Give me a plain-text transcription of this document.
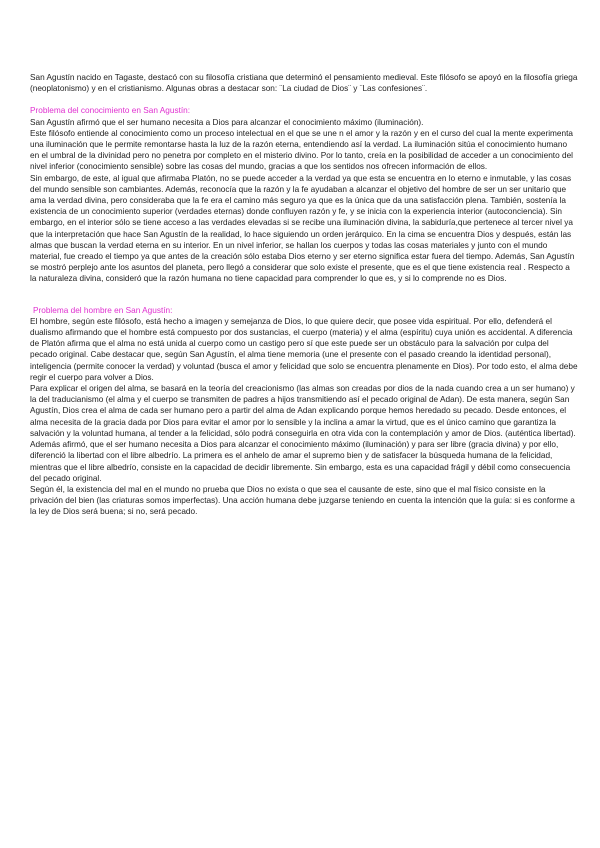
San Agustín nacido en Tagaste, destacó con su filosofía cristiana que determinó el pensamiento medieval. Este filósofo se apoyó en la filosofía griega (neoplatonismo) y en el cristianismo. Algunas obras a destacar son: ¨La ciudad de Dios¨ y ¨Las confesiones¨.

Problema del conocimiento en San Agustín:

San Agustín afirmó que el ser humano necesita a Dios para alcanzar el conocimiento máximo (iluminación).

Este filósofo entiende al conocimiento como un proceso intelectual en el que se une n el amor y la razón y en el curso del cual la mente experimenta una iluminación que le permite remontarse hasta la luz de la razón eterna, entendiendo así la verdad. La iluminación sitúa el conocimiento humano en el umbral de la divinidad pero no penetra por completo en el misterio divino. Por lo tanto, creía en la posibilidad de acceder a un conocimiento del nivel inferior (conocimiento sensible) sobre las cosas del mundo, gracias a que los sentidos nos ofrecen información de ellos.

Sin embargo, de este, al igual que afirmaba Platón, no se puede acceder a la verdad ya que esta se encuentra en lo eterno e inmutable, y las cosas del mundo sensible son cambiantes. Además, reconocía que la razón y la fe ayudaban a alcanzar el objetivo del hombre de ser un ser unitario que ama la verdad divina, pero consideraba que la fe era el camino más seguro ya que es la única que da una satisfacción plena. También, sostenía la existencia de un conocimiento superior (verdades eternas) donde confluyen razón y fe, y se inicia con la experiencia interior (autoconciencia). Sin embargo, en el interior sólo se tiene acceso a las verdades elevadas si se recibe una iluminación divina, la sabiduría,que pertenece al tercer nivel ya que la interpretación que hace San Agustín de la realidad, lo hace siguiendo un orden jerárquico. En la cima se encuentra Dios y después, están las almas que buscan la verdad eterna en su interior. En un nivel inferior, se hallan los cuerpos y todas las cosas materiales y junto con el mundo material, fue creado el tiempo ya que antes de la creación sólo estaba Dios eterno y ser eterno significa estar fuera del tiempo. Además, San Agustín se mostró perplejo ante los asuntos del planeta, pero llegó a considerar que solo existe el presente, que es el que tiene existencia real . Respecto a la naturaleza divina, consideró que la razón humana no tiene capacidad para comprender lo que es, y si lo comprende no es Dios.

Problema del hombre en San Agustín:

El hombre, según este filósofo, está hecho a imagen y semejanza de Dios, lo que quiere decir, que posee vida espiritual. Por ello, defenderá el dualismo afirmando que el hombre está compuesto por dos sustancias, el cuerpo (materia) y el alma (espíritu) cuya unión es accidental. A diferencia de Platón afirma que el alma no está unida al cuerpo como un castigo pero sí que este puede ser un obstáculo para la salvación por culpa del pecado original. Cabe destacar que, según San Agustín, el alma tiene memoria (une el presente con el pasado creando la identidad personal), inteligencia (permite conocer la verdad) y voluntad (busca el amor y felicidad que solo se encuentra plenamente en Dios). Por todo esto, el alma debe regir el cuerpo para volver a Dios.

Para explicar el origen del alma, se basará en la teoría del creacionismo (las almas son creadas por dios de la nada cuando crea a un ser humano) y la del traducianismo (el alma y el cuerpo se transmiten de padres a hijos transmitiendo así el pecado original de Adan). De esta manera, según San Agustín, Dios crea el alma de cada ser humano pero a partir del alma de Adan explicando porque hemos heredado su pecado. Desde entonces, el alma necesita de la gracia dada por Dios para evitar el amor por lo sensible y la inclina a amar la virtud, que es el único camino que garantiza la salvación y la voluntad humana, al tender a la felicidad, sólo podrá conseguirla en otra vida con la contemplación y amor de Dios. (auténtica libertad).

Además afirmó, que el ser humano necesita a Dios para alcanzar el conocimiento máximo (iluminación) y para ser libre (gracia divina) y por ello, diferenció la libertad con el libre albedrío. La primera es el anhelo de amar el supremo bien y de satisfacer la búsqueda humana de la felicidad, mientras que el libre albedrío, consiste en la capacidad de decidir libremente. Sin embargo, esta es una capacidad frágil y débil como consecuencia del pecado original.

Según él, la existencia del mal en el mundo no prueba que Dios no exista o que sea el causante de este, sino que el mal físico consiste en la privación del bien (las criaturas somos imperfectas). Una acción humana debe juzgarse teniendo en cuenta la intención que la guía: si es conforme a la ley de Dios será buena; si no, será pecado.
